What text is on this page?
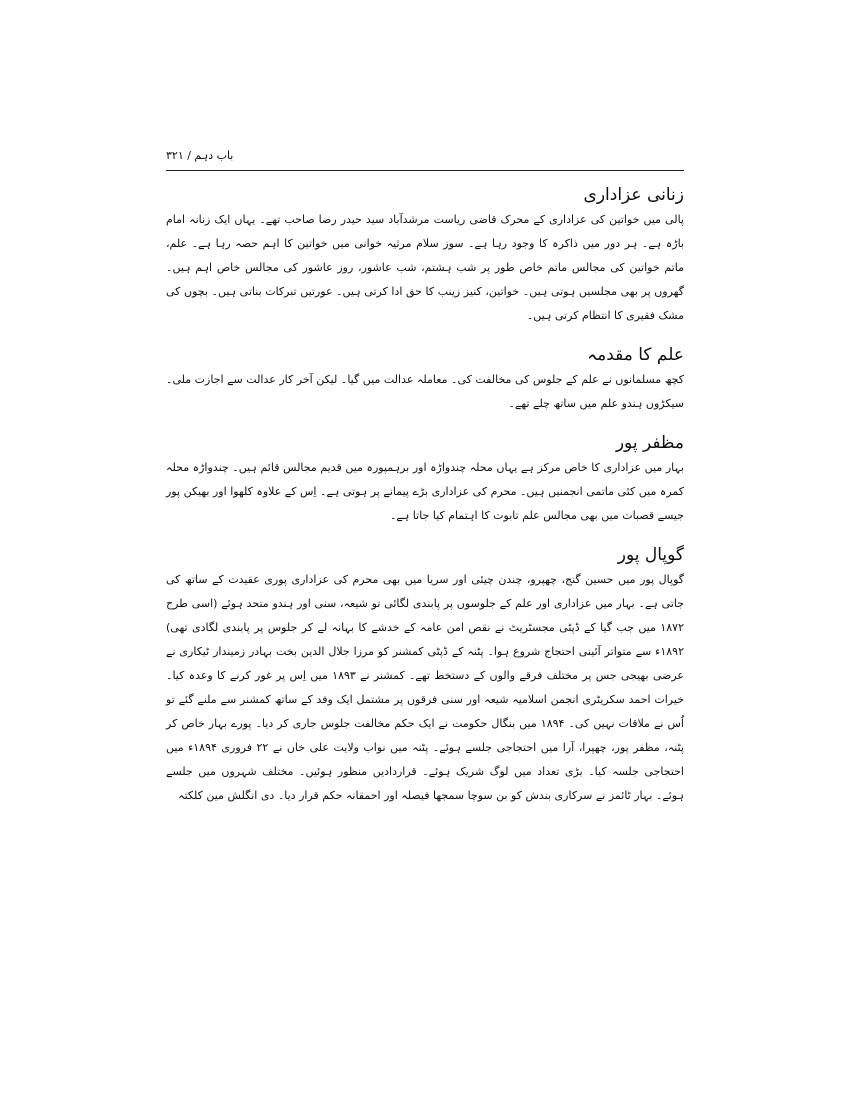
باب دہم / ۳۲۱
زنانی عزاداری

پالی میں خواتین کی عزاداری کے محرک قاضی ریاست مرشدآباد سید حیدر رضا صاحب تھے۔ یہاں ایک زنانہ امام باڑہ ہے۔ ہر دور میں ذاکرہ کا وجود رہا ہے۔ سوز سلام مرثیہ خوانی میں خواتین کا اہم حصہ رہا ہے۔ علم، ماتم خواتین کی مجالس ماتم خاص طور پر شب ہشتم، شب عاشور، روز عاشور کی مجالس خاص اہم ہیں۔ گھروں پر بھی مجلسیں ہوتی ہیں۔ خواتین، کنیز زینب کا حق ادا کرتی ہیں۔ عورتیں تبرکات بناتی ہیں۔ بچوں کی مشک فقیری کا انتظام کرتی ہیں۔

علم کا مقدمہ

کچھ مسلمانوں نے علم کے جلوس کی مخالفت کی۔ معاملہ عدالت میں گیا۔ لیکن آخر کار عدالت سے اجازت ملی۔ سیکڑوں ہندو علم میں ساتھ چلے تھے۔

مظفر پور

بہار میں عزاداری کا خاص مرکز ہے یہاں محلہ چندواڑہ اور برہمپورہ میں قدیم مجالس قائم ہیں۔ چندواڑہ محلہ کمرہ میں کئی ماتمی انجمنیں ہیں۔ محرم کی عزاداری بڑے پیمانے پر ہوتی ہے۔ اِس کے علاوہ کلھوا اور بھیکن پور جیسے قصبات میں بھی مجالس علم تابوت کا اہتمام کیا جاتا ہے۔

گوپال پور

گوپال پور میں حسین گنج، چھپرو، چندن چیئی اور سریا میں بھی محرم کی عزاداری پوری عقیدت کے ساتھ کی جاتی ہے۔ بہار میں عزاداری اور علم کے جلوسوں پر پابندی لگائی تو شیعہ، سنی اور ہندو متحد ہوئے (اسی طرح ۱۸۷۲ میں جب گیا کے ڈپٹی مجسٹریٹ نے نقص امن عامہ کے خدشے کا بہانہ لے کر جلوس پر پابندی لگادی تھی) ۱۸۹۲ء سے متواتر آئینی احتجاج شروع ہوا۔ پٹنہ کے ڈپٹی کمشنر کو مرزا جلال الدین بخت بہادر زمیندار ٹیکاری نے عرضی بھیجی جس پر مختلف فرقے والوں کے دستخط تھے۔ کمشنر نے ۱۸۹۳ میں اِس پر غور کرنے کا وعدہ کیا۔ خیرات احمد سکریٹری انجمن اسلامیہ شیعہ اور سنی فرقوں پر مشتمل ایک وفد کے ساتھ کمشنر سے ملنے گئے تو اُس نے ملاقات نہیں کی۔ ۱۸۹۴ میں بنگال حکومت نے ایک حکم مخالفت جلوس جاری کر دیا۔ پورے بہار خاص کر پٹنہ، مظفر پور، چھپرا، آرا میں احتجاجی جلسے ہوئے۔ پٹنہ میں نواب ولایت علی خاں نے ۲۲ فروری ۱۸۹۴ء میں احتجاجی جلسہ کیا۔ بڑی تعداد میں لوگ شریک ہوئے۔ قراردادیں منظور ہوئیں۔ مختلف شہروں میں جلسے ہوئے۔ بہار ٹائمز نے سرکاری بندش کو بن سوچا سمجھا فیصلہ اور احمقانہ حکم قرار دیا۔ دی انگلش مین کلکتہ
